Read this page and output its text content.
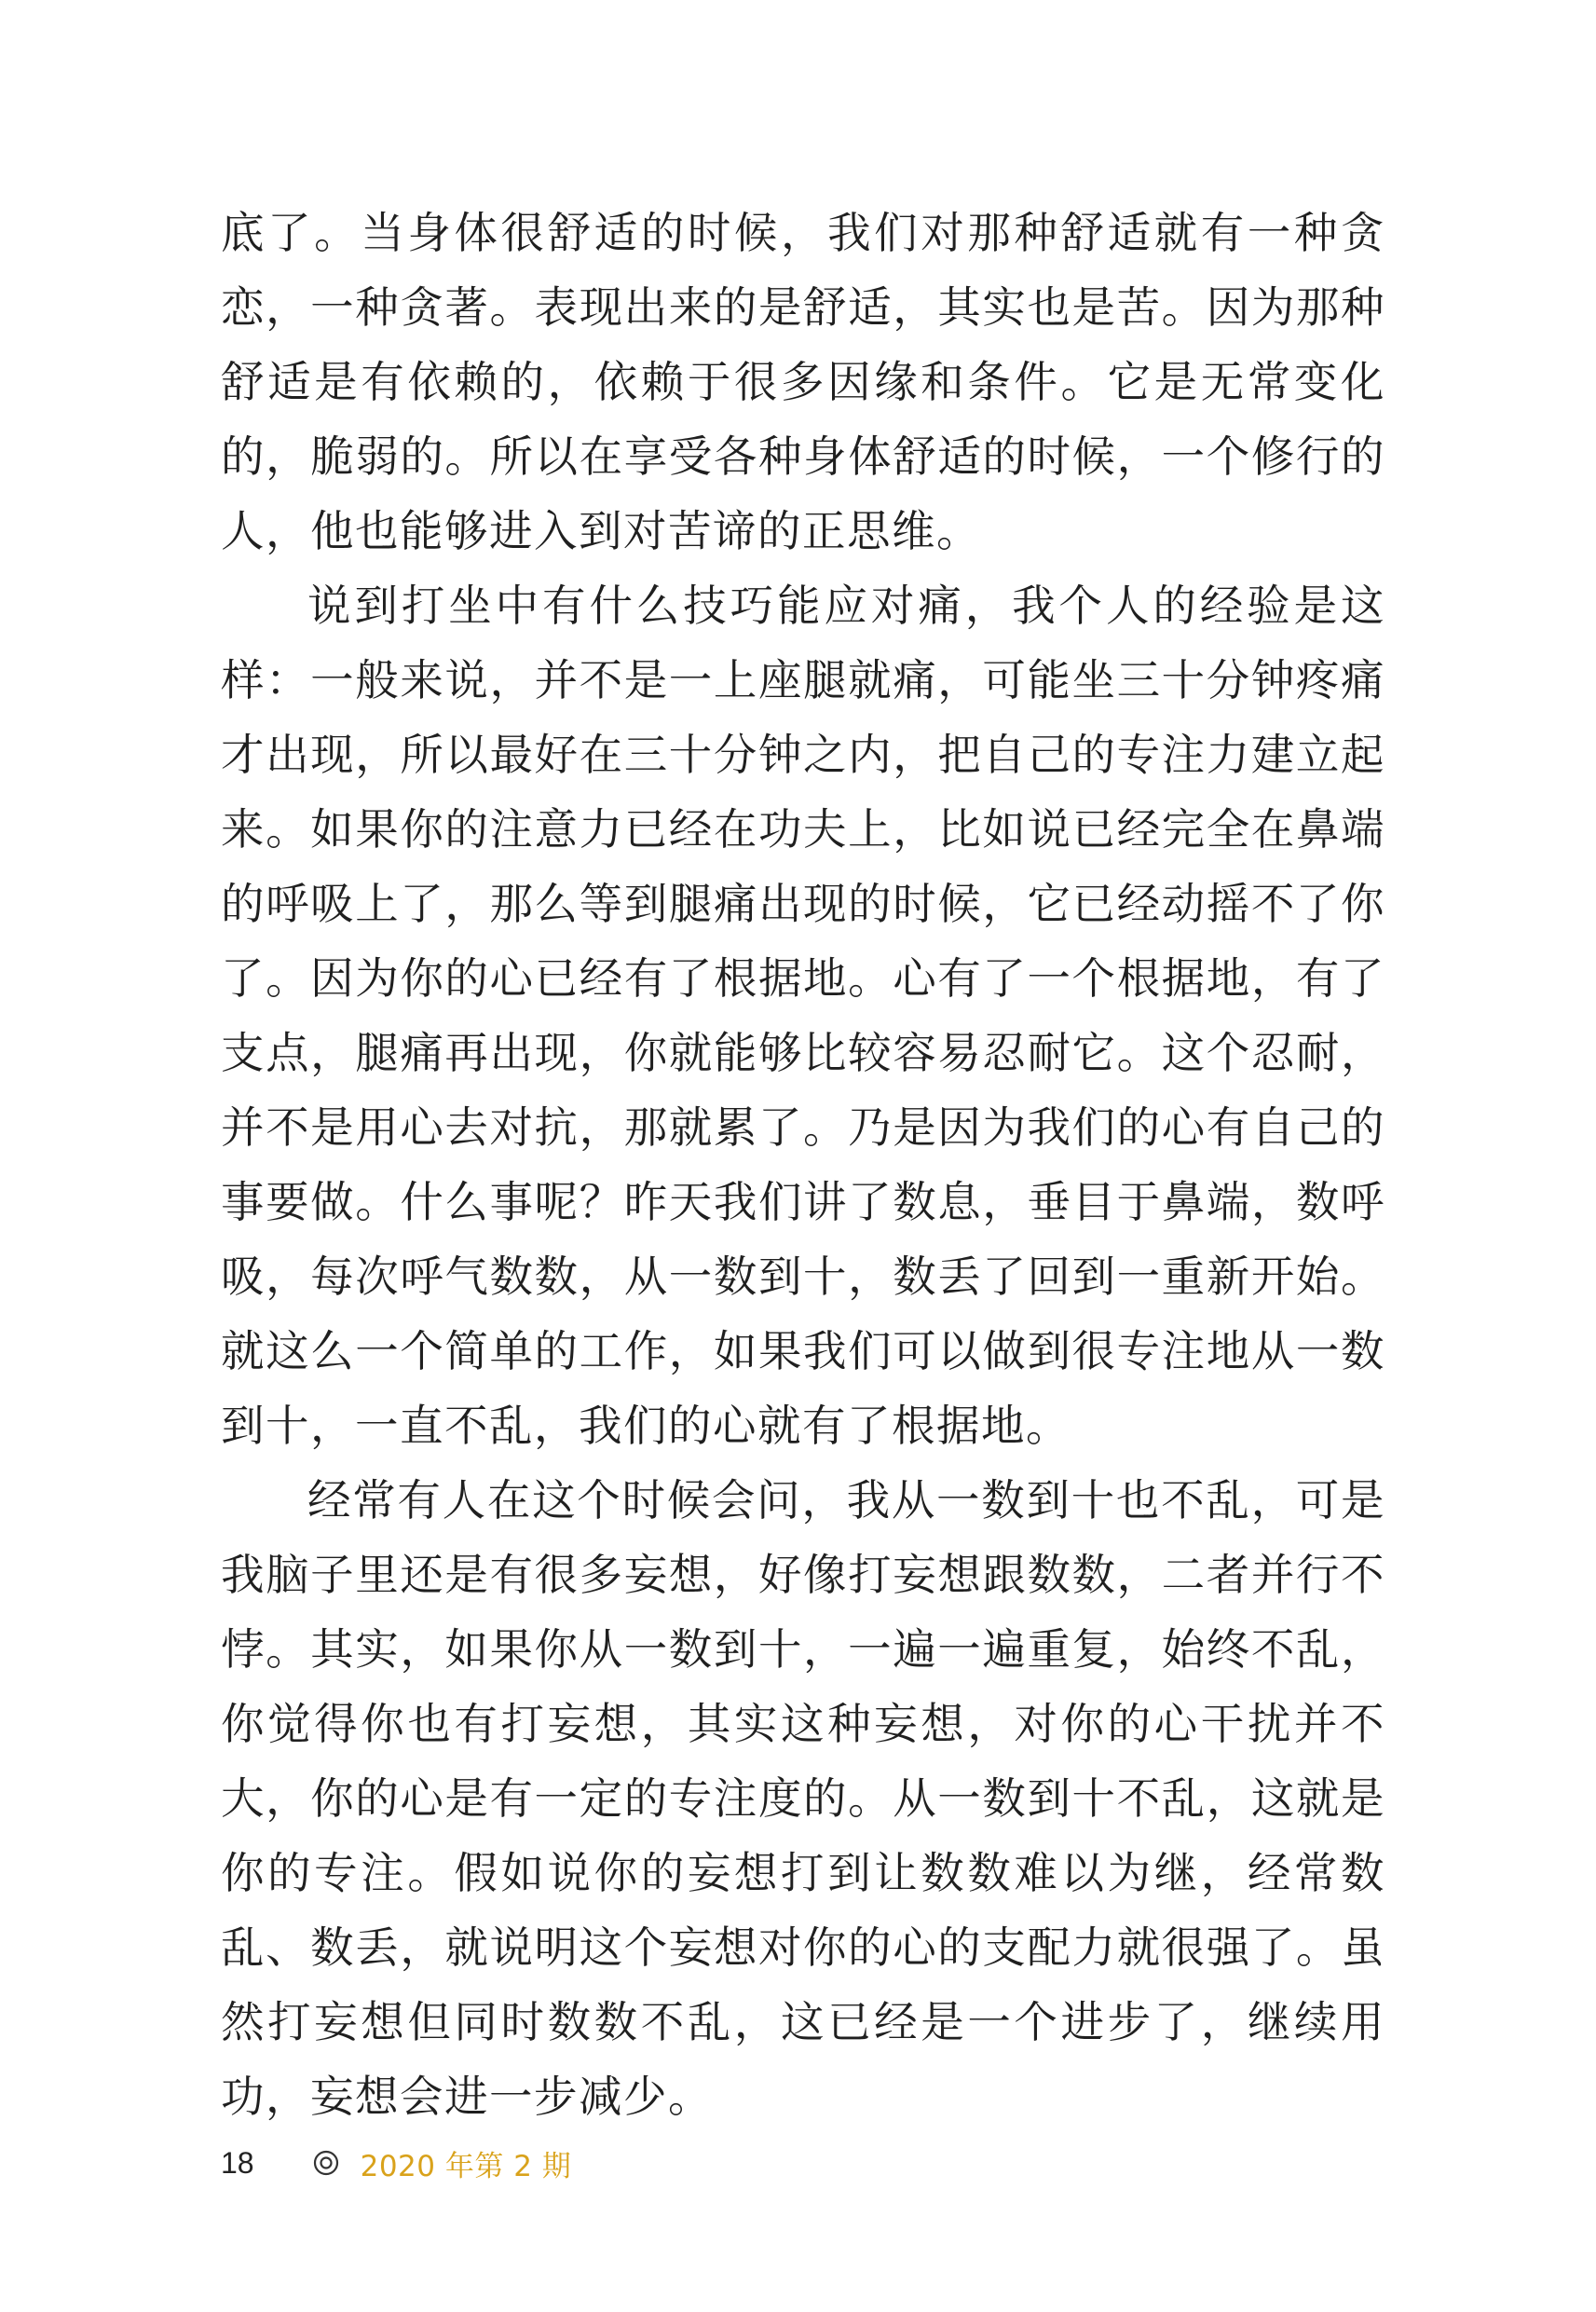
底了。当身体很舒适的时候，我们对那种舒适就有一种贪恋，一种贪著。表现出来的是舒适，其实也是苦。因为那种舒适是有依赖的，依赖于很多因缘和条件。它是无常变化的，脆弱的。所以在享受各种身体舒适的时候，一个修行的人，他也能够进入到对苦谛的正思维。

说到打坐中有什么技巧能应对痛，我个人的经验是这样：一般来说，并不是一上座腿就痛，可能坐三十分钟疼痛才出现，所以最好在三十分钟之内，把自己的专注力建立起来。如果你的注意力已经在功夫上，比如说已经完全在鼻端的呼吸上了，那么等到腿痛出现的时候，它已经动摇不了你了。因为你的心已经有了根据地。心有了一个根据地，有了支点，腿痛再出现，你就能够比较容易忍耐它。这个忍耐，并不是用心去对抗，那就累了。乃是因为我们的心有自己的事要做。什么事呢？昨天我们讲了数息，垂目于鼻端，数呼吸，每次呼气数数，从一数到十，数丢了回到一重新开始。就这么一个简单的工作，如果我们可以做到很专注地从一数到十，一直不乱，我们的心就有了根据地。

经常有人在这个时候会问，我从一数到十也不乱，可是我脑子里还是有很多妄想，好像打妄想跟数数，二者并行不悖。其实，如果你从一数到十，一遍一遍重复，始终不乱，你觉得你也有打妄想，其实这种妄想，对你的心干扰并不大，你的心是有一定的专注度的。从一数到十不乱，这就是你的专注。假如说你的妄想打到让数数难以为继，经常数乱、数丢，就说明这个妄想对你的心的支配力就很强了。虽然打妄想但同时数数不乱，这已经是一个进步了，继续用功，妄想会进一步减少。

18	2020 年第 2 期
